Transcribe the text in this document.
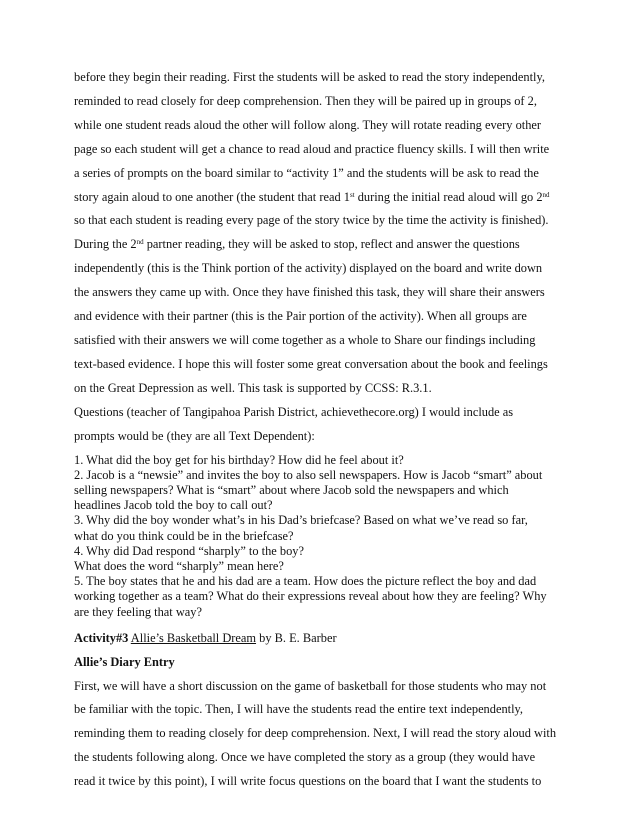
before they begin their reading. First the students will be asked to read the story independently,

reminded to read closely for deep comprehension. Then they will be paired up in groups of 2,

while one student reads aloud the other will follow along. They will rotate reading every other

page so each student will get a chance to read aloud and practice fluency skills. I will then write

a series of prompts on the board similar to “activity 1” and the students will be ask to read the

story again aloud to one another (the student that read 1st during the initial read aloud will go 2nd

so that each student is reading every page of the story twice by the time the activity is finished).

During the 2nd partner reading, they will be asked to stop, reflect and answer the questions

independently (this is the Think portion of the activity) displayed on the board and write down

the answers they came up with. Once they have finished this task, they will share their answers

and evidence with their partner (this is the Pair portion of the activity). When all groups are

satisfied with their answers we will come together as a whole to Share our findings including

text-based evidence. I hope this will foster some great conversation about the book and feelings

on the Great Depression as well. This task is supported by CCSS: R.3.1.

Questions (teacher of Tangipahoa Parish District, achievethecore.org) I would include as

prompts would be (they are all Text Dependent):

1. What did the boy get for his birthday? How did he feel about it?

2. Jacob is a “newsie” and invites the boy to also sell newspapers. How is Jacob “smart” about

selling newspapers? What is “smart” about where Jacob sold the newspapers and which

headlines Jacob told the boy to call out?

3. Why did the boy wonder what’s in his Dad’s briefcase? Based on what we’ve read so far,

what do you think could be in the briefcase?

4. Why did Dad respond “sharply” to the boy?

What does the word “sharply” mean here?

5. The boy states that he and his dad are a team. How does the picture reflect the boy and dad

working together as a team? What do their expressions reveal about how they are feeling? Why

are they feeling that way?

Activity#3 Allie’s Basketball Dream by B. E. Barber

Allie’s Diary Entry

First, we will have a short discussion on the game of basketball for those students who may not

be familiar with the topic. Then, I will have the students read the entire text independently,

reminding them to reading closely for deep comprehension. Next, I will read the story aloud with

the students following along. Once we have completed the story as a group (they would have

read it twice by this point), I will write focus questions on the board that I want the students to
